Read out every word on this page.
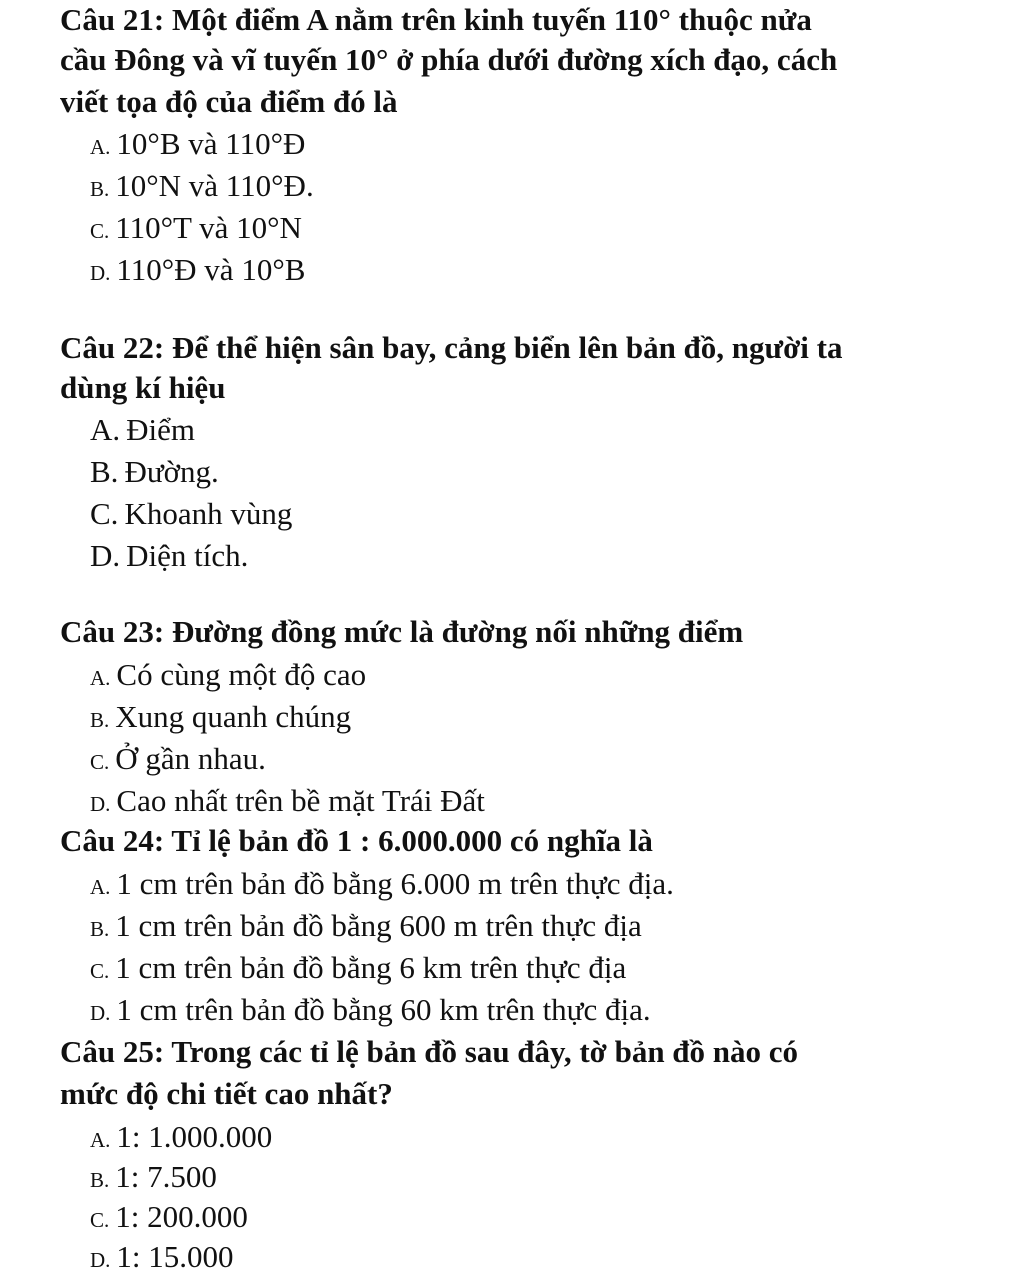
Câu 21: Một điểm A nằm trên kinh tuyến 110° thuộc nửa
cầu Đông và vĩ tuyến 10° ở phía dưới đường xích đạo, cách
viết tọa độ của điểm đó là
A. 10°B và 110°Đ
B. 10°N và 110°Đ.
C. 110°T và 10°N
D. 110°Đ và 10°B
Câu 22: Để thể hiện sân bay, cảng biển lên bản đồ, người ta
dùng kí hiệu
A. Điểm
B. Đường.
C. Khoanh vùng
D. Diện tích.
Câu 23: Đường đồng mức là đường nối những điểm
A. Có cùng một độ cao
B. Xung quanh chúng
C. Ở gần nhau.
D. Cao nhất trên bề mặt Trái Đất
Câu 24: Tỉ lệ bản đồ 1 : 6.000.000 có nghĩa là
A. 1 cm trên bản đồ bằng 6.000 m trên thực địa.
B. 1 cm trên bản đồ bằng 600 m trên thực địa
C. 1 cm trên bản đồ bằng 6 km trên thực địa
D. 1 cm trên bản đồ bằng 60 km trên thực địa.
Câu 25: Trong các tỉ lệ bản đồ sau đây, tờ bản đồ nào có
mức độ chi tiết cao nhất?
A. 1: 1.000.000
B. 1: 7.500
C. 1: 200.000
D. 1: 15.000
